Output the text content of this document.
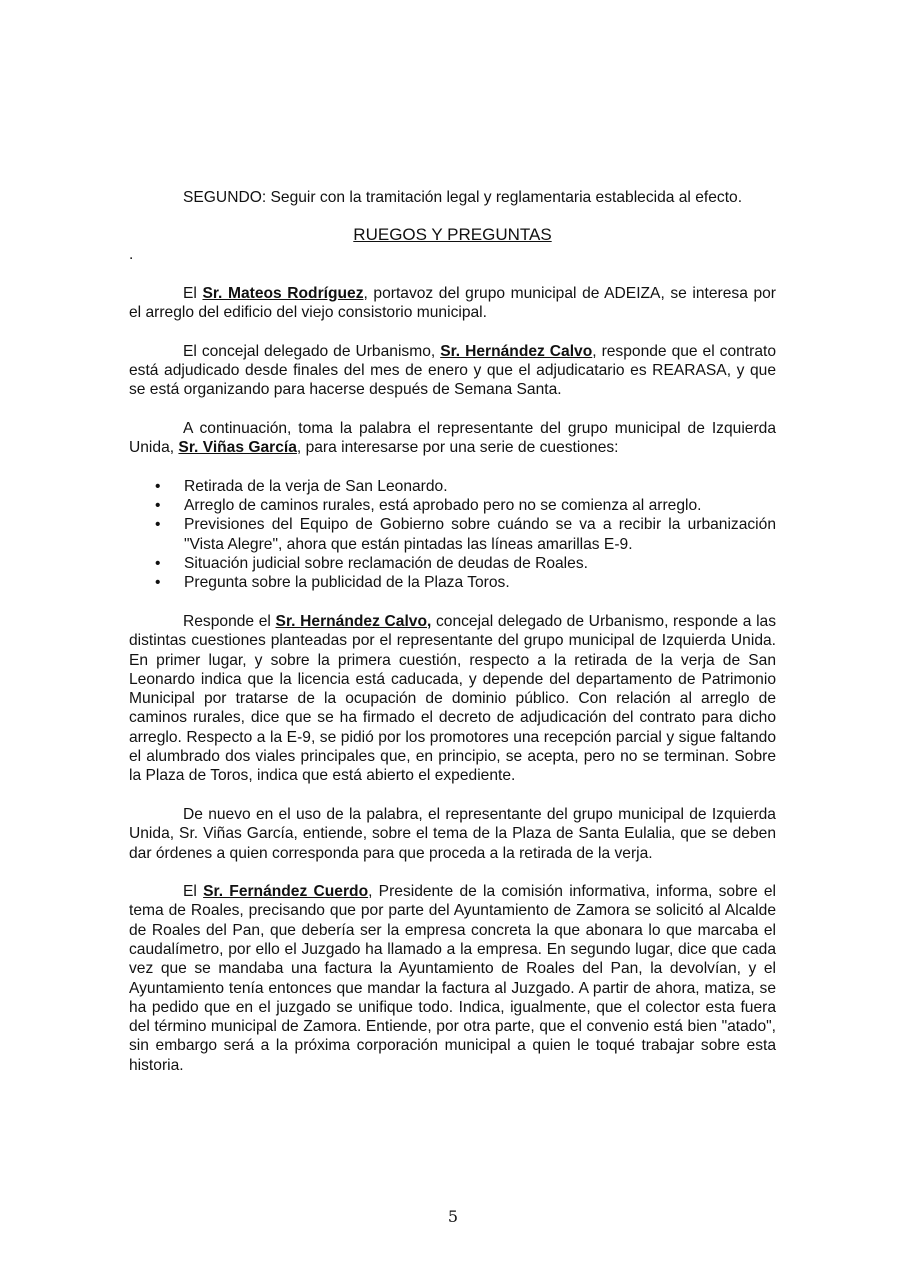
SEGUNDO: Seguir con la tramitación legal y reglamentaria establecida al efecto.

RUEGOS Y PREGUNTAS

.

El Sr. Mateos Rodríguez, portavoz del grupo municipal de ADEIZA, se interesa por el arreglo del edificio del viejo consistorio municipal.

El concejal delegado de Urbanismo, Sr. Hernández Calvo, responde que el contrato está adjudicado desde finales del mes de enero y que el adjudicatario es REARASA, y que se está organizando para hacerse después de Semana Santa.

A continuación, toma la palabra el representante del grupo municipal de Izquierda Unida, Sr. Viñas García, para interesarse por una serie de cuestiones:

• Retirada de la verja de San Leonardo.
• Arreglo de caminos rurales, está aprobado pero no se comienza al arreglo.
• Previsiones del Equipo de Gobierno sobre cuándo se va a recibir la urbanización "Vista Alegre", ahora que están pintadas las líneas amarillas E-9.
• Situación judicial sobre reclamación de deudas de Roales.
• Pregunta sobre la publicidad de la Plaza Toros.

Responde el Sr. Hernández Calvo, concejal delegado de Urbanismo, responde a las distintas cuestiones planteadas por el representante del grupo municipal de Izquierda Unida. En primer lugar, y sobre la primera cuestión, respecto a la retirada de la verja de San Leonardo indica que la licencia está caducada, y depende del departamento de Patrimonio Municipal por tratarse de la ocupación de dominio público. Con relación al arreglo de caminos rurales, dice que se ha firmado el decreto de adjudicación del contrato para dicho arreglo. Respecto a la E-9, se pidió por los promotores una recepción parcial y sigue faltando el alumbrado dos viales principales que, en principio, se acepta, pero no se terminan. Sobre la Plaza de Toros, indica que está abierto el expediente.

De nuevo en el uso de la palabra, el representante del grupo municipal de Izquierda Unida, Sr. Viñas García, entiende, sobre el tema de la Plaza de Santa Eulalia, que se deben dar órdenes a quien corresponda para que proceda a la retirada de la verja.

El Sr. Fernández Cuerdo, Presidente de la comisión informativa, informa, sobre el tema de Roales, precisando que por parte del Ayuntamiento de Zamora se solicitó al Alcalde de Roales del Pan, que debería ser la empresa concreta la que abonara lo que marcaba el caudalímetro, por ello el Juzgado ha llamado a la empresa. En segundo lugar, dice que cada vez que se mandaba una factura la Ayuntamiento de Roales del Pan, la devolvían, y el Ayuntamiento tenía entonces que mandar la factura al Juzgado. A partir de ahora, matiza, se ha pedido que en el juzgado se unifique todo. Indica, igualmente, que el colector esta fuera del término municipal de Zamora. Entiende, por otra parte, que el convenio está bien "atado", sin embargo será a la próxima corporación municipal a quien le toqué trabajar sobre esta historia.

5
